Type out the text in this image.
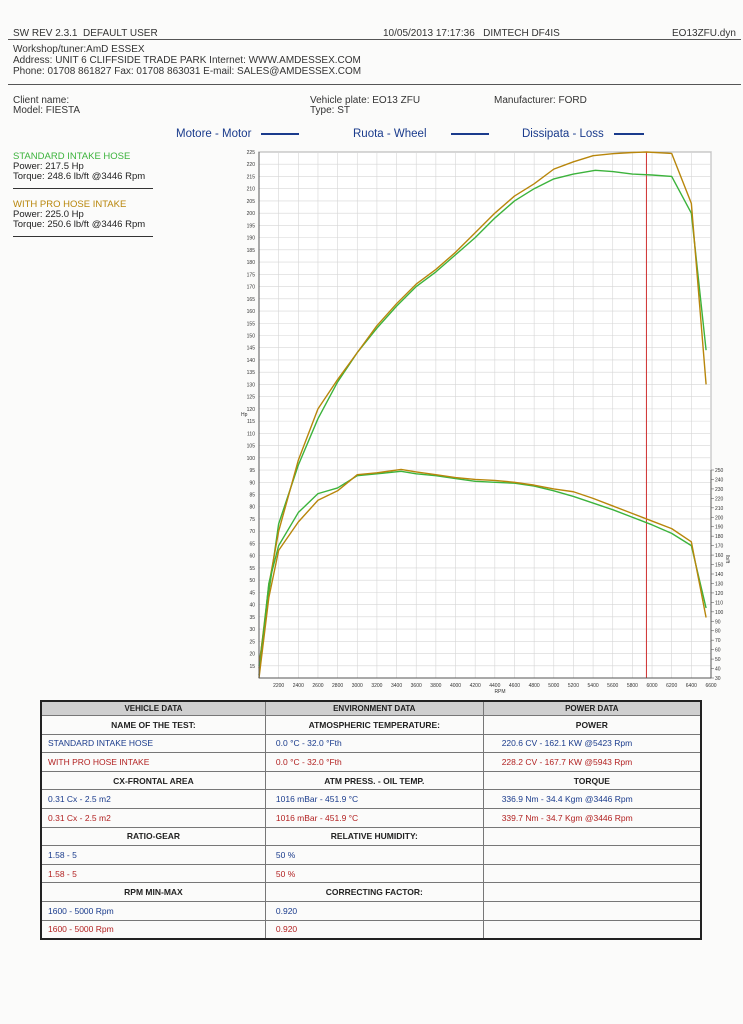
SW REV 2.3.1 DEFAULT USER	10/05/2013 17:17:36 DIMTECH DF4IS	EO13ZFU.dyn
Workshop/tuner:AmD ESSEX
Address: UNIT 6 CLIFFSIDE TRADE PARK Internet: WWW.AMDESSEX.COM
Phone: 01708 861827 Fax: 01708 863031 E-mail: SALES@AMDESSEX.COM
Client name:
Model: FIESTA
Vehicle plate: EO13 ZFU
Type: ST
Manufacturer: FORD
Motore - Motor	Ruota - Wheel	Dissipata - Loss
STANDARD INTAKE HOSE
Power: 217.5 Hp
Torque: 248.6 lb/ft @3446 Rpm
WITH PRO HOSE INTAKE
Power: 225.0 Hp
Torque: 250.6 lb/ft @3446 Rpm
15
20
25
30
35
40
45
50
55
60
65
70
75
80
85
90
95
100
105
110
115
120
125
130
135
140
145
150
155
160
165
170
175
180
185
190
195
200
205
210
215
220
225
2200 2400 2600 2800 3000 3200 3400 3600 3800 4000 4200 4400 4600 4800 5000 5200 5400 5600 5800 6000 6200 6400 6600
30
40
50
60
70
80
90
100
110
120
130
140
150
160
170
180
190
200
210
220
230
240
250
RPM
Hp
lb/ft
VEHICLE DATA	ENVIRONMENT DATA	POWER DATA
NAME OF THE TEST:	ATMOSPHERIC TEMPERATURE:	POWER
STANDARD INTAKE HOSE	0.0 °C - 32.0 °Fth	220.6 CV - 162.1 KW @5423 Rpm
WITH PRO HOSE INTAKE	0.0 °C - 32.0 °Fth	228.2 CV - 167.7 KW @5943 Rpm
CX-FRONTAL AREA	ATM PRESS. - OIL TEMP.	TORQUE
0.31 Cx - 2.5 m2	1016 mBar - 451.9 °C	336.9 Nm - 34.4 Kgm @3446 Rpm
0.31 Cx - 2.5 m2	1016 mBar - 451.9 °C	339.7 Nm - 34.7 Kgm @3446 Rpm
RATIO-GEAR	RELATIVE HUMIDITY:	
1.58 - 5	50 %	
1.58 - 5	50 %	
RPM MIN-MAX	CORRECTING FACTOR:	
1600 - 5000 Rpm	0.920	
1600 - 5000 Rpm	0.920	
